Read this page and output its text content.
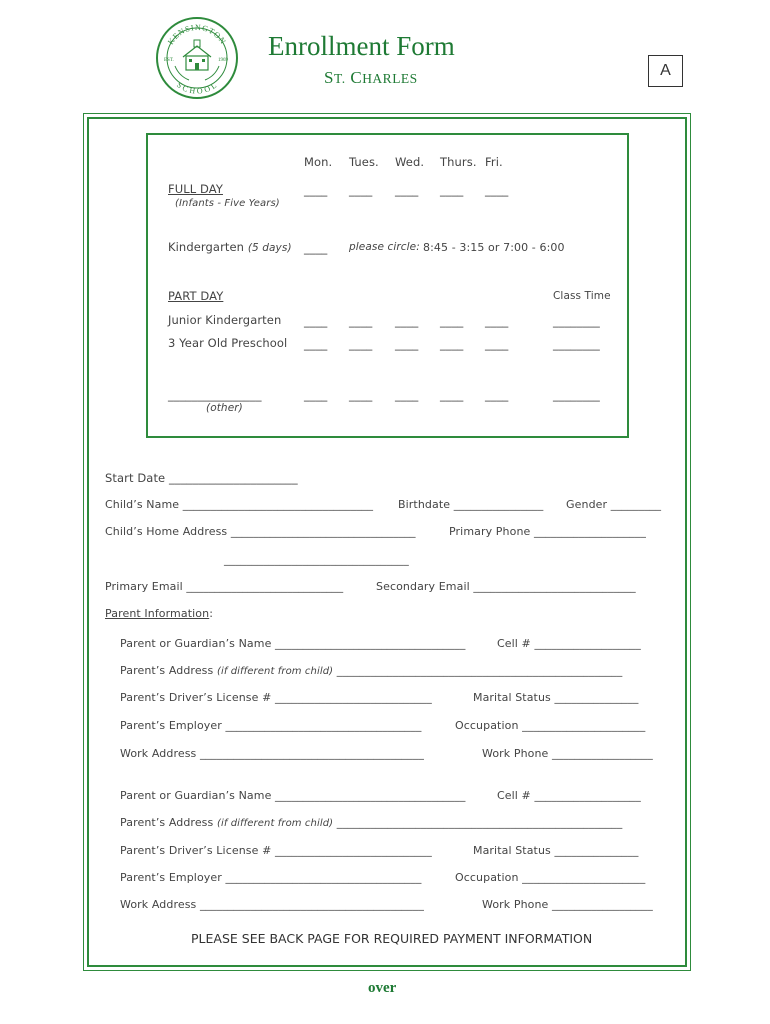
KENSINGTON
SCHOOL
EST.	1969 Enrollment Form
ST. CHARLES	A
Mon. Tues. Wed. Thurs. Fri.
FULL DAY
(Infants - Five Years)
____ ____ ____ ____ ____
Kindergarten (5 days) ____ please circle: 8:45 - 3:15 or 7:00 - 6:00
PART DAY	Class Time
Junior Kindergarten ____ ____ ____ ____ ____	________
3 Year Old Preschool ____ ____ ____ ____ ____	________
________________
(other)
____ ____ ____ ____ ____	________
Start Date ______________________
Child’s Name __________________________________ Birthdate ________________ Gender _________
Child’s Home Address _________________________________	Primary Phone ____________________
_________________________________
Primary Email ____________________________	Secondary Email _____________________________
Parent Information:
Parent or Guardian’s Name __________________________________	Cell # ___________________
Parent’s Address (if different from child) ___________________________________________________
Parent’s Driver’s License # ____________________________	Marital Status _______________
Parent’s Employer ___________________________________	Occupation ______________________
Work Address ________________________________________	Work Phone __________________
Parent or Guardian’s Name __________________________________	Cell # ___________________
Parent’s Address (if different from child) ___________________________________________________
Parent’s Driver’s License # ____________________________	Marital Status _______________
Parent’s Employer ___________________________________	Occupation ______________________
Work Address ________________________________________	Work Phone __________________
PLEASE SEE BACK PAGE FOR REQUIRED PAYMENT INFORMATION
over
